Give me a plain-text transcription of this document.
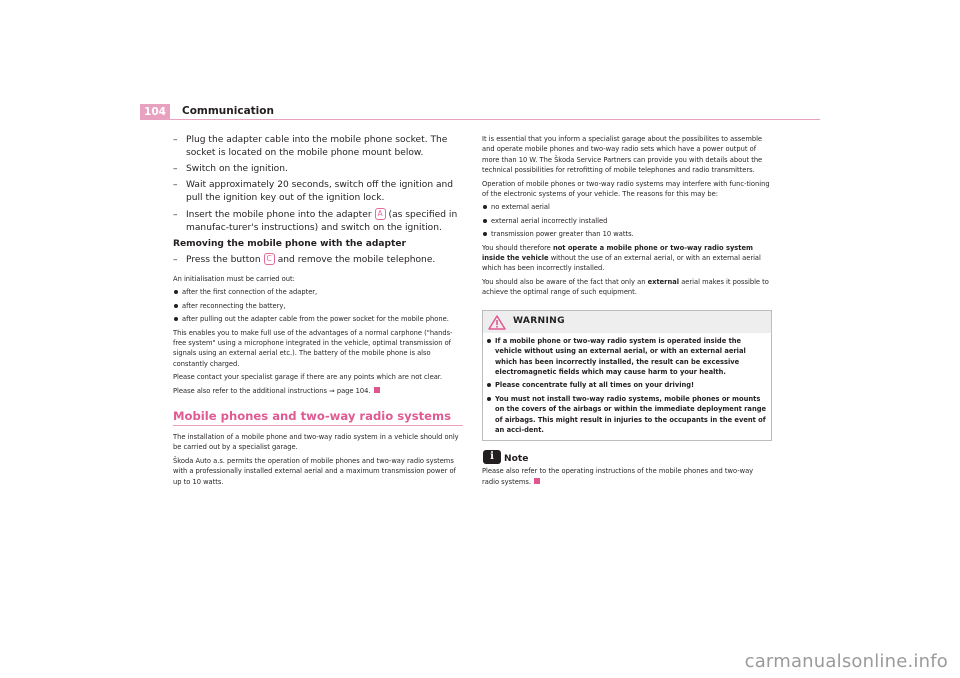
104	Communication

– Plug the adapter cable into the mobile phone socket. The socket is located on the mobile phone mount below.

– Switch on the ignition.

– Wait approximately 20 seconds, switch off the ignition and pull the ignition key out of the ignition lock.

– Insert the mobile phone into the adapter A (as specified in manufac-turer's instructions) and switch on the ignition.

Removing the mobile phone with the adapter

– Press the button C and remove the mobile telephone.

An initialisation must be carried out:

after the first connection of the adapter,
after reconnecting the battery,
after pulling out the adapter cable from the power socket for the mobile phone.

This enables you to make full use of the advantages of a normal carphone ("hands-free system" using a microphone integrated in the vehicle, optimal transmission of signals using an external aerial etc.). The battery of the mobile phone is also constantly charged.

Please contact your specialist garage if there are any points which are not clear.

Please also refer to the additional instructions ⇒ page 104.

Mobile phones and two-way radio systems

The installation of a mobile phone and two-way radio system in a vehicle should only be carried out by a specialist garage.

Škoda Auto a.s. permits the operation of mobile phones and two-way radio systems with a professionally installed external aerial and a maximum transmission power of up to 10 watts.

It is essential that you inform a specialist garage about the possibilites to assemble and operate mobile phones and two-way radio sets which have a power output of more than 10 W. The Škoda Service Partners can provide you with details about the technical possibilities for retrofitting of mobile telephones and radio transmitters.

Operation of mobile phones or two-way radio systems may interfere with func-tioning of the electronic systems of your vehicle. The reasons for this may be:

no external aerial
external aerial incorrectly installed
transmission power greater than 10 watts.

You should therefore not operate a mobile phone or two-way radio system inside the vehicle without the use of an external aerial, or with an external aerial which has been incorrectly installed.

You should also be aware of the fact that only an external aerial makes it possible to achieve the optimal range of such equipment.

WARNING
If a mobile phone or two-way radio system is operated inside the vehicle without using an external aerial, or with an external aerial which has been incorrectly installed, the result can be excessive electromagnetic fields which may cause harm to your health.
Please concentrate fully at all times on your driving!
You must not install two-way radio systems, mobile phones or mounts on the covers of the airbags or within the immediate deployment range of airbags. This might result in injuries to the occupants in the event of an acci-dent.
i	Note

Please also refer to the operating instructions of the mobile phones and two-way radio systems.

carmanualsonline.info
